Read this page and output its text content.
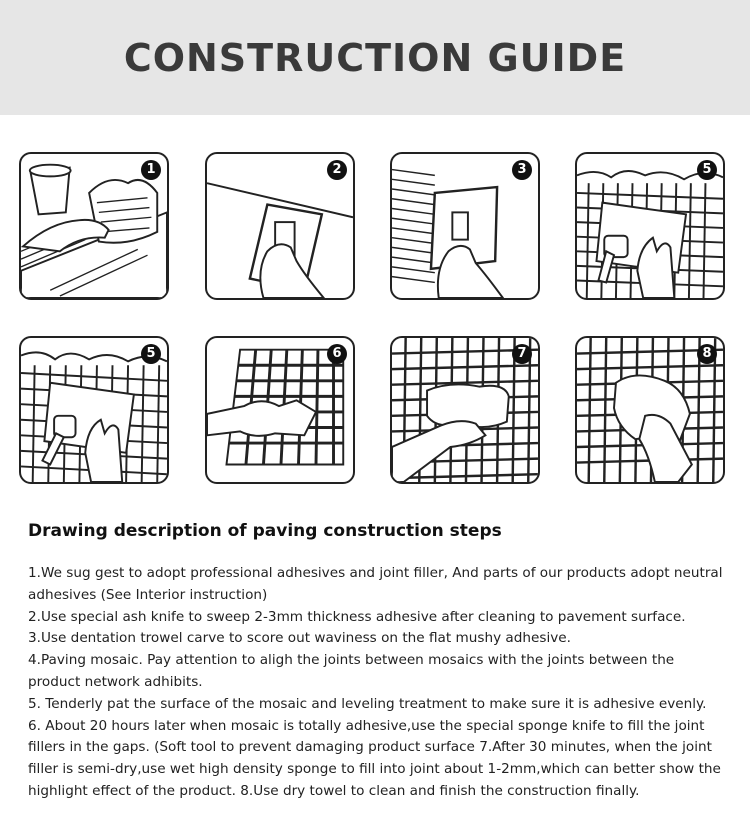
CONSTRUCTION GUIDE
1	2	3	5
5	6	7	8
Drawing description of paving construction steps

1.We sug gest to adopt professional adhesives and joint filler, And parts of our products adopt neutral adhesives (See Interior instruction)

2.Use special ash knife to sweep 2-3mm thickness adhesive after cleaning to pavement surface.

3.Use dentation trowel carve to score out waviness on the flat mushy adhesive.

4.Paving mosaic. Pay attention to aligh the joints between mosaics with the joints between the product network adhibits.

5. Tenderly pat the surface of the mosaic and leveling treatment to make sure it is adhesive evenly.

6. About 20 hours later when mosaic is totally adhesive,use the special sponge knife to fill the joint fillers in the gaps. (Soft tool to prevent damaging product surface 7.After 30 minutes, when the joint filler is semi-dry,use wet high density sponge to fill into joint about 1-2mm,which can better show the highlight effect of the product. 8.Use dry towel to clean and finish the construction finally.
